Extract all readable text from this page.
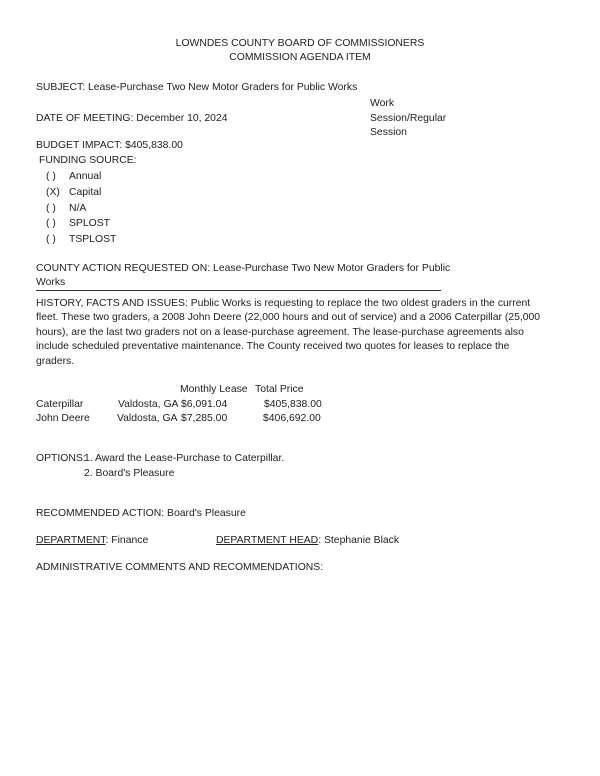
LOWNDES COUNTY BOARD OF COMMISSIONERS
COMMISSION AGENDA ITEM
SUBJECT: Lease-Purchase Two New Motor Graders for Public Works
Work
Session/Regular
Session
DATE OF MEETING: December 10, 2024
BUDGET IMPACT: $405,838.00
FUNDING SOURCE:
( ) Annual
(X) Capital
( ) N/A
( ) SPLOST
( ) TSPLOST
COUNTY ACTION REQUESTED ON: Lease-Purchase Two New Motor Graders for Public
Works
HISTORY, FACTS AND ISSUES: Public Works is requesting to replace the two oldest graders in the current
fleet. These two graders, a 2008 John Deere (22,000 hours and out of service) and a 2006 Caterpillar (25,000
hours), are the last two graders not on a lease-purchase agreement. The lease-purchase agreements also
include scheduled preventative maintenance. The County received two quotes for leases to replace the
graders.
Monthly Lease Total Price
Caterpillar	Valdosta, GA $6,091.04	$405,838.00
John Deere	Valdosta, GA $7,285.00	$406,692.00
OPTIONS:
1. Award the Lease-Purchase to Caterpillar.
2. Board's Pleasure
RECOMMENDED ACTION: Board's Pleasure
DEPARTMENT: Finance	DEPARTMENT HEAD: Stephanie Black
ADMINISTRATIVE COMMENTS AND RECOMMENDATIONS:
